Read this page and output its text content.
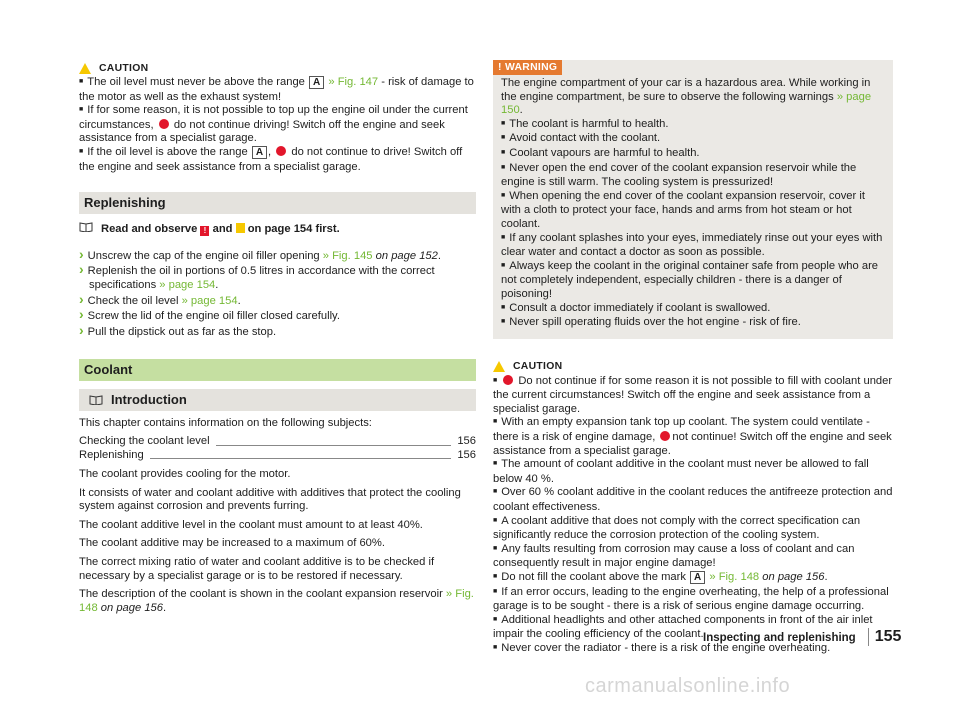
CAUTION

■ The oil level must never be above the range A » Fig. 147 - risk of damage to the motor as well as the exhaust system!

■ If for some reason, it is not possible to top up the engine oil under the current circumstances,  do not continue driving! Switch off the engine and seek assistance from a specialist garage.

■ If the oil level is above the range A ,  do not continue to drive! Switch off the engine and seek assistance from a specialist garage.

Replenishing

Read and observe ! and  on page 154 first.

› Unscrew the cap of the engine oil filler opening » Fig. 145 on page 152.

› Replenish the oil in portions of 0.5 litres in accordance with the correct specifications » page 154.

› Check the oil level » page 154.

› Screw the lid of the engine oil filler closed carefully.

› Pull the dipstick out as far as the stop.

Coolant
Introduction

This chapter contains information on the following subjects:

Checking the coolant level	156
Replenishing	156

The coolant provides cooling for the motor.

It consists of water and coolant additive with additives that protect the cooling system against corrosion and prevents furring.

The coolant additive level in the coolant must amount to at least 40%.

The coolant additive may be increased to a maximum of 60%.

The correct mixing ratio of water and coolant additive is to be checked if necessary by a specialist garage or is to be restored if necessary.

The description of the coolant is shown in the coolant expansion reservoir » Fig. 148 on page 156.

! WARNING

The engine compartment of your car is a hazardous area. While working in the engine compartment, be sure to observe the following warnings » page 150.

■ The coolant is harmful to health.

■ Avoid contact with the coolant.

■ Coolant vapours are harmful to health.

■ Never open the end cover of the coolant expansion reservoir while the engine is still warm. The cooling system is pressurized!

■ When opening the end cover of the coolant expansion reservoir, cover it with a cloth to protect your face, hands and arms from hot steam or hot coolant.

■ If any coolant splashes into your eyes, immediately rinse out your eyes with clear water and contact a doctor as soon as possible.

■ Always keep the coolant in the original container safe from people who are not completely independent, especially children - there is a danger of poisoning!

■ Consult a doctor immediately if coolant is swallowed.

■ Never spill operating fluids over the hot engine - risk of fire.

CAUTION

■ Do not continue if for some reason it is not possible to fill with coolant under the current circumstances! Switch off the engine and seek assistance from a specialist garage.

■ With an empty expansion tank top up coolant. The system could ventilate - there is a risk of engine damage, not continue! Switch off the engine and seek assistance from a specialist garage.

■ The amount of coolant additive in the coolant must never be allowed to fall below 40 %.

■ Over 60 % coolant additive in the coolant reduces the antifreeze protection and coolant effectiveness.

■ A coolant additive that does not comply with the correct specification can significantly reduce the corrosion protection of the cooling system.

■ Any faults resulting from corrosion may cause a loss of coolant and can consequently result in major engine damage!

■ Do not fill the coolant above the mark A » Fig. 148 on page 156.

■ If an error occurs, leading to the engine overheating, the help of a professional garage is to be sought - there is a risk of serious engine damage occurring.

■ Additional headlights and other attached components in front of the air inlet impair the cooling efficiency of the coolant.

■ Never cover the radiator - there is a risk of the engine overheating.

Inspecting and replenishing	155
carmanualsonline.info
